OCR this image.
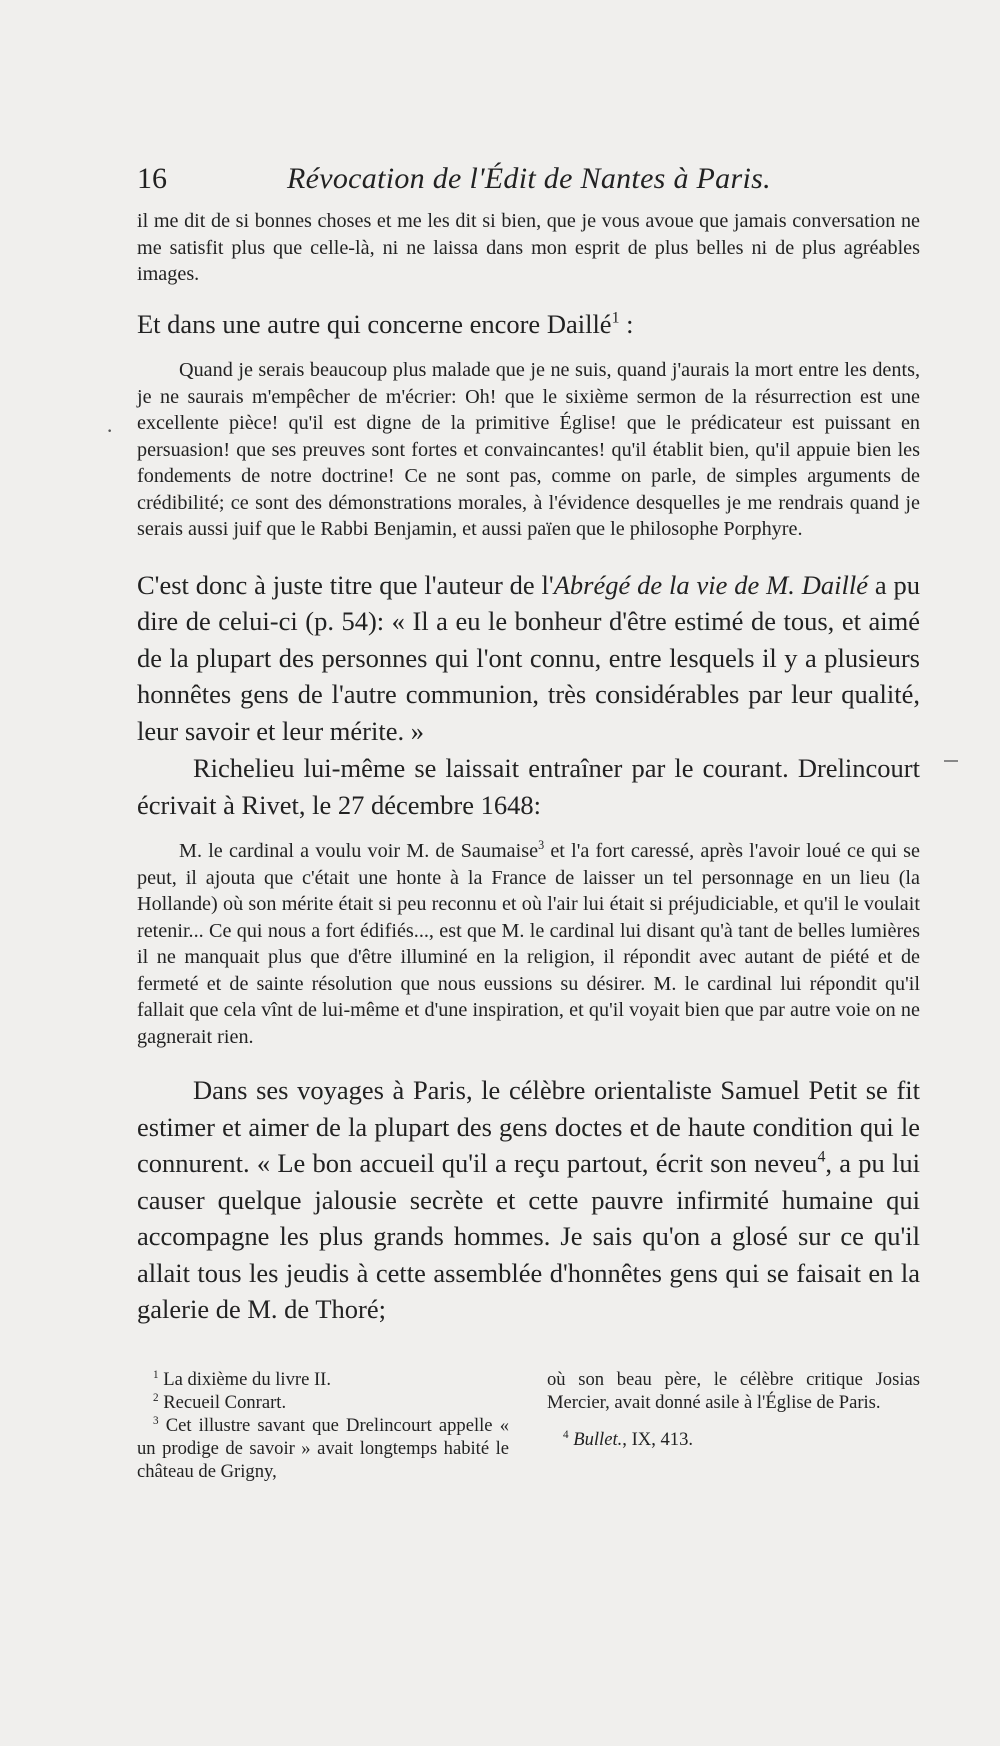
16	Révocation de l'Édit de Nantes à Paris.
·

il me dit de si bonnes choses et me les dit si bien, que je vous avoue que jamais conversation ne me satisfit plus que celle-là, ni ne laissa dans mon esprit de plus belles ni de plus agréables images.

Et dans une autre qui concerne encore Daillé$^1$ :

Quand je serais beaucoup plus malade que je ne suis, quand j'aurais la mort entre les dents, je ne saurais m'empêcher de m'écrier: Oh! que le sixième sermon de la résurrection est une excellente pièce! qu'il est digne de la primitive Église! que le prédicateur est puissant en persuasion! que ses preuves sont fortes et convaincantes! qu'il établit bien, qu'il appuie bien les fondements de notre doctrine! Ce ne sont pas, comme on parle, de simples arguments de crédibilité; ce sont des démonstrations morales, à l'évidence desquelles je me rendrais quand je serais aussi juif que le Rabbi Benjamin, et aussi païen que le philosophe Porphyre.

C'est donc à juste titre que l'auteur de l'Abrégé de la vie de M. Daillé a pu dire de celui-ci (p. 54): « Il a eu le bonheur d'être estimé de tous, et aimé de la plupart des personnes qui l'ont connu, entre lesquels il y a plusieurs honnêtes gens de l'autre communion, très considérables par leur qualité, leur savoir et leur mérite. »

Richelieu lui-même se laissait entraîner par le courant. Drelincourt écrivait à Rivet, le 27 décembre 1648:

M. le cardinal a voulu voir M. de Saumaise$^3$ et l'a fort caressé, après l'avoir loué ce qui se peut, il ajouta que c'était une honte à la France de laisser un tel personnage en un lieu (la Hollande) où son mérite était si peu reconnu et où l'air lui était si préjudiciable, et qu'il le voulait retenir... Ce qui nous a fort édifiés..., est que M. le cardinal lui disant qu'à tant de belles lumières il ne manquait plus que d'être illuminé en la religion, il répondit avec autant de piété et de fermeté et de sainte résolution que nous eussions su désirer. M. le cardinal lui répondit qu'il fallait que cela vînt de lui-même et d'une inspiration, et qu'il voyait bien que par autre voie on ne gagnerait rien.

Dans ses voyages à Paris, le célèbre orientaliste Samuel Petit se fit estimer et aimer de la plupart des gens doctes et de haute condition qui le connurent. « Le bon accueil qu'il a reçu partout, écrit son neveu$^4$, a pu lui causer quelque jalousie secrète et cette pauvre infirmité humaine qui accompagne les plus grands hommes. Je sais qu'on a glosé sur ce qu'il allait tous les jeudis à cette assemblée d'honnêtes gens qui se faisait en la galerie de M. de Thoré;

$^1$ La dixième du livre II.

$^2$ Recueil Conrart.

$^3$ Cet illustre savant que Drelincourt appelle « un prodige de savoir » avait longtemps habité le château de Grigny,

où son beau père, le célèbre critique Josias Mercier, avait donné asile à l'Église de Paris.

$^4$ Bullet., IX, 413.
